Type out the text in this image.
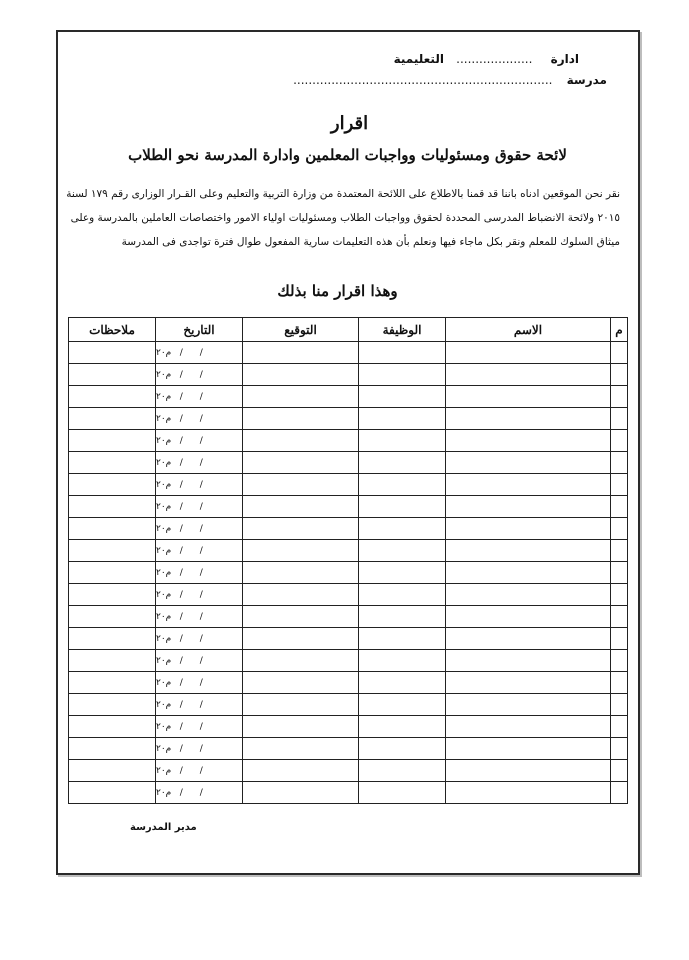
ادارة .................... التعليمية
مدرسة ....................................................................
اقرار
لائحة حقوق ومسئوليات وواجبات المعلمين وادارة المدرسة نحو الطلاب
نقر نحن الموقعين ادناه باننا قد قمنا بالاطلاع على اللائحة المعتمدة من وزارة التربية والتعليم وعلى القـرار الوزارى رقم ١٧٩ لسنة
٢٠١٥ ولائحة الانضباط المدرسى المحددة لحقوق وواجبات الطلاب ومسئوليات اولياء الامور واختصاصات العاملين بالمدرسة وعلى
ميثاق السلوك للمعلم ونقر بكل ماجاء فيها ونعلم بأن هذه التعليمات سارية المفعول طوال فترة تواجدى فى المدرسة
وهذا اقرار منا بذلك
م	الاسم	الوظيفة	التوقيع	التاريخ	ملاحظات
				م٢٠ / /	
				م٢٠ / /	
				م٢٠ / /	
				م٢٠ / /	
				م٢٠ / /	
				م٢٠ / /	
				م٢٠ / /	
				م٢٠ / /	
				م٢٠ / /	
				م٢٠ / /	
				م٢٠ / /	
				م٢٠ / /	
				م٢٠ / /	
				م٢٠ / /	
				م٢٠ / /	
				م٢٠ / /	
				م٢٠ / /	
				م٢٠ / /	
				م٢٠ / /	
				م٢٠ / /	
				م٢٠ / /	
مدير المدرسة
